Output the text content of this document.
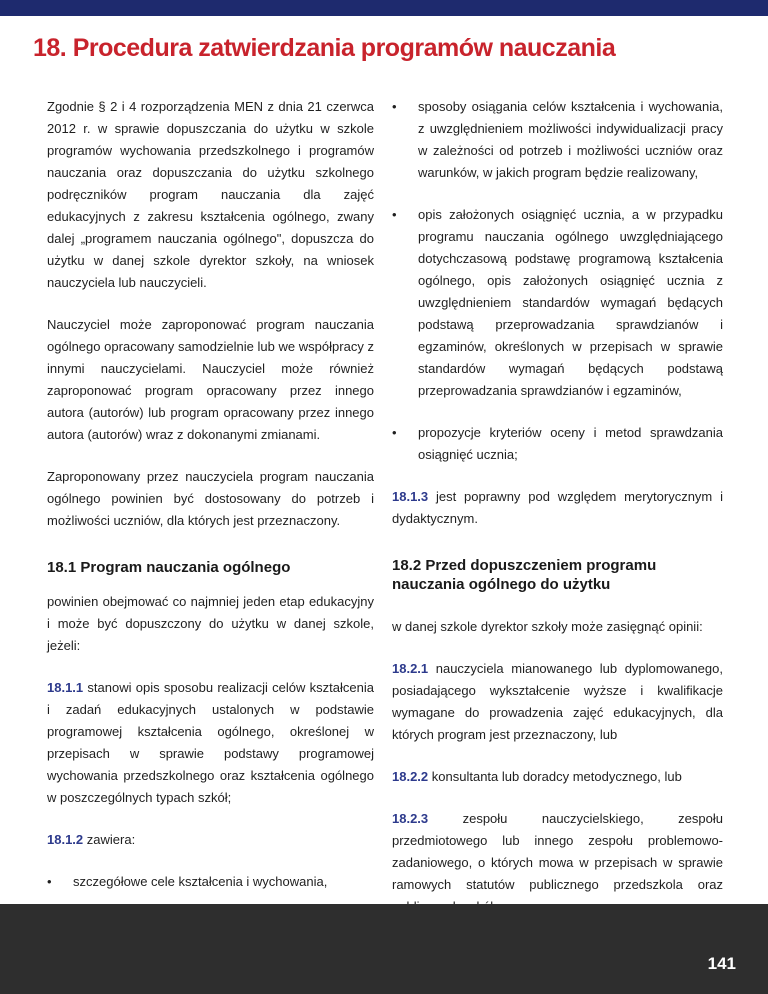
18. Procedura zatwierdzania programów nauczania

Zgodnie § 2 i 4 rozporządzenia MEN z dnia 21 czerwca 2012 r. w sprawie dopuszczania do użytku w szkole programów wychowania przedszkolnego i programów nauczania oraz dopuszczania do użytku szkolnego podręczników program nauczania dla zajęć edukacyjnych z zakresu kształcenia ogólnego, zwany dalej „programem nauczania ogólnego", dopuszcza do użytku w danej szkole dyrektor szkoły, na wniosek nauczyciela lub nauczycieli.

Nauczyciel może zaproponować program nauczania ogólnego opracowany samodzielnie lub we współpracy z innymi nauczycielami. Nauczyciel może również zaproponować program opracowany przez innego autora (autorów) lub program opracowany przez innego autora (autorów) wraz z dokonanymi zmianami.

Zaproponowany przez nauczyciela program nauczania ogólnego powinien być dostosowany do potrzeb i możliwości uczniów, dla których jest przeznaczony.

18.1 Program nauczania ogólnego

powinien obejmować co najmniej jeden etap edukacyjny i może być dopuszczony do użytku w danej szkole, jeżeli:

18.1.1 stanowi opis sposobu realizacji celów kształcenia i zadań edukacyjnych ustalonych w podstawie programowej kształcenia ogólnego, określonej w przepisach w sprawie podstawy programowej wychowania przedszkolnego oraz kształcenia ogólnego w poszczególnych typach szkół;

18.1.2 zawiera:

• szczegółowe cele kształcenia i wychowania,

• sposoby osiągania celów kształcenia i wychowania, z uwzględnieniem możliwości indywidualizacji pracy w zależności od potrzeb i możliwości uczniów oraz warunków, w jakich program będzie realizowany,

• opis założonych osiągnięć ucznia, a w przypadku programu nauczania ogólnego uwzględniającego dotychczasową podstawę programową kształcenia ogólnego, opis założonych osiągnięć ucznia z uwzględnieniem standardów wymagań będących podstawą przeprowadzania sprawdzianów i egzaminów, określonych w przepisach w sprawie standardów wymagań będących podstawą przeprowadzania sprawdzianów i egzaminów,

• propozycje kryteriów oceny i metod sprawdzania osiągnięć ucznia;

18.1.3 jest poprawny pod względem merytorycznym i dydaktycznym.

18.2 Przed dopuszczeniem programu nauczania ogólnego do użytku

w danej szkole dyrektor szkoły może zasięgnąć opinii:

18.2.1 nauczyciela mianowanego lub dyplomowanego, posiadającego wykształcenie wyższe i kwalifikacje wymagane do prowadzenia zajęć edukacyjnych, dla których program jest przeznaczony, lub

18.2.2 konsultanta lub doradcy metodycznego, lub

18.2.3	zespołu nauczycielskiego, zespołu przedmiotowego lub innego zespołu problemowo-zadaniowego, o których mowa w przepisach w sprawie ramowych statutów publicznego przedszkola oraz

141
